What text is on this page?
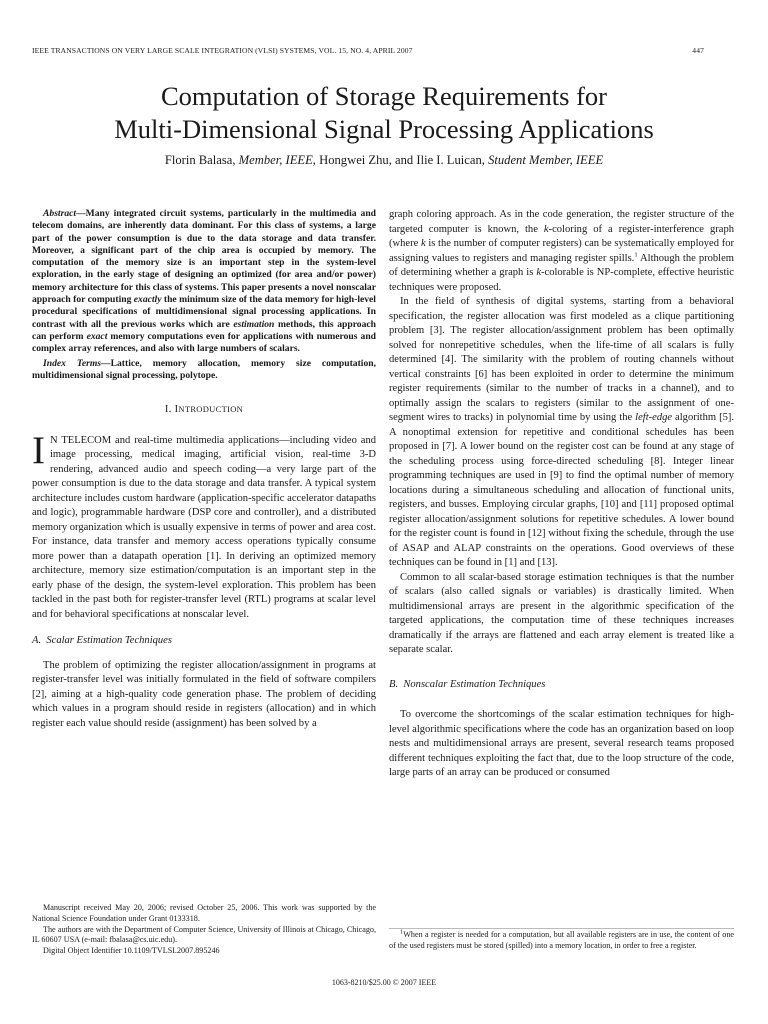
IEEE TRANSACTIONS ON VERY LARGE SCALE INTEGRATION (VLSI) SYSTEMS, VOL. 15, NO. 4, APRIL 2007	447
Computation of Storage Requirements for
Multi-Dimensional Signal Processing Applications
Florin Balasa, Member, IEEE, Hongwei Zhu, and Ilie I. Luican, Student Member, IEEE

Abstract—Many integrated circuit systems, particularly in the multimedia and telecom domains, are inherently data dominant. For this class of systems, a large part of the power consumption is due to the data storage and data transfer. Moreover, a significant part of the chip area is occupied by memory. The computation of the memory size is an important step in the system-level exploration, in the early stage of designing an optimized (for area and/or power) memory architecture for this class of systems. This paper presents a novel nonscalar approach for computing exactly the minimum size of the data memory for high-level procedural specifications of multidimensional signal processing applications. In contrast with all the previous works which are estimation methods, this approach can perform exact memory computations even for applications with numerous and complex array references, and also with large numbers of scalars.

Index Terms—Lattice, memory allocation, memory size computation, multidimensional signal processing, polytope.

I. INTRODUCTION

I N TELECOM and real-time multimedia applications—including video and image processing, medical imaging, artificial vision, real-time 3-D rendering, advanced audio and speech coding—a very large part of the power consumption is due to the data storage and data transfer. A typical system architecture includes custom hardware (application-specific accelerator datapaths and logic), programmable hardware (DSP core and controller), and a distributed memory organization which is usually expensive in terms of power and area cost. For instance, data transfer and memory access operations typically consume more power than a datapath operation [1]. In deriving an optimized memory architecture, memory size estimation/computation is an important step in the early phase of the design, the system-level exploration. This problem has been tackled in the past both for register-transfer level (RTL) programs at scalar level and for behavioral specifications at nonscalar level.

A. Scalar Estimation Techniques

The problem of optimizing the register allocation/assignment in programs at register-transfer level was initially formulated in the field of software compilers [2], aiming at a high-quality code generation phase. The problem of deciding which values in a program should reside in registers (allocation) and in which register each value should reside (assignment) has been solved by a

graph coloring approach. As in the code generation, the register structure of the targeted computer is known, the k-coloring of a register-interference graph (where k is the number of computer registers) can be systematically employed for assigning values to registers and managing register spills.$^1$ Although the problem of determining whether a graph is k-colorable is NP-complete, effective heuristic techniques were proposed.

In the field of synthesis of digital systems, starting from a behavioral specification, the register allocation was first modeled as a clique partitioning problem [3]. The register allocation/assignment problem has been optimally solved for nonrepetitive schedules, when the life-time of all scalars is fully determined [4]. The similarity with the problem of routing channels without vertical constraints [6] has been exploited in order to determine the minimum register requirements (similar to the number of tracks in a channel), and to optimally assign the scalars to registers (similar to the assignment of one-segment wires to tracks) in polynomial time by using the left-edge algorithm [5]. A nonoptimal extension for repetitive and conditional schedules has been proposed in [7]. A lower bound on the register cost can be found at any stage of the scheduling process using force-directed scheduling [8]. Integer linear programming techniques are used in [9] to find the optimal number of memory locations during a simultaneous scheduling and allocation of functional units, registers, and busses. Employing circular graphs, [10] and [11] proposed optimal register allocation/assignment solutions for repetitive schedules. A lower bound for the register count is found in [12] without fixing the schedule, through the use of ASAP and ALAP constraints on the operations. Good overviews of these techniques can be found in [1] and [13].

Common to all scalar-based storage estimation techniques is that the number of scalars (also called signals or variables) is drastically limited. When multidimensional arrays are present in the algorithmic specification of the targeted applications, the computation time of these techniques increases dramatically if the arrays are flattened and each array element is treated like a separate scalar.

B. Nonscalar Estimation Techniques

To overcome the shortcomings of the scalar estimation techniques for high-level algorithmic specifications where the code has an organization based on loop nests and multidimensional arrays are present, several research teams proposed different techniques exploiting the fact that, due to the loop structure of the code, large parts of an array can be produced or consumed

Manuscript received May 20, 2006; revised October 25, 2006. This work was supported by the National Science Foundation under Grant 0133318.

The authors are with the Department of Computer Science, University of Illinois at Chicago, Chicago, IL 60607 USA (e-mail: fbalasa@cs.uic.edu).

Digital Object Identifier 10.1109/TVLSI.2007.895246

$^1$When a register is needed for a computation, but all available registers are in use, the content of one of the used registers must be stored (spilled) into a memory location, in order to free a register.

1063-8210/$25.00 © 2007 IEEE
